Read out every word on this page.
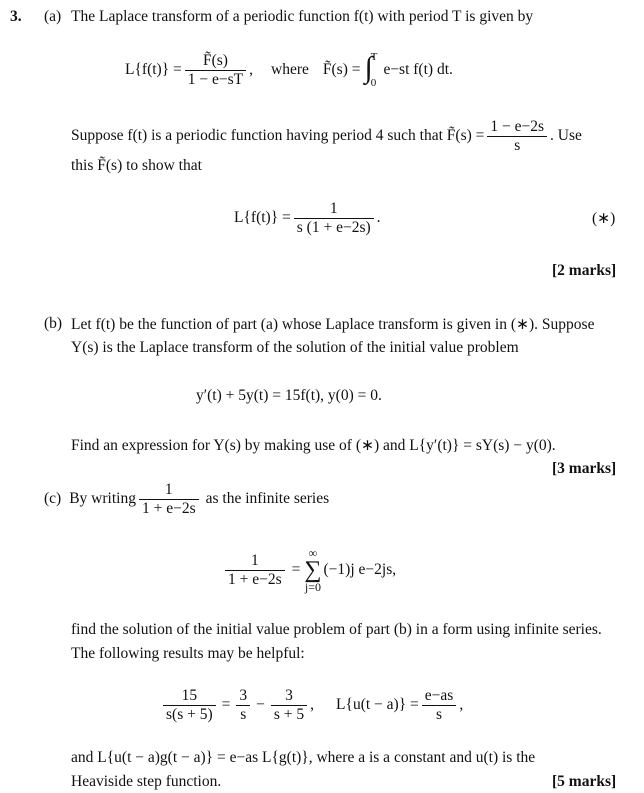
3. (a) The Laplace transform of a periodic function f(t) with period T is given by
$L\{f(t)\} = \frac{F̃(s)}{1 - e-sT}$ , where F̃(s) = ∫
T
0
e−st f(t) dt.
Suppose f(t) is a periodic function having period 4 such that F̃(s) = $\frac{1 - e-2s}{s}$ . Use
this F̃(s) to show that
$L\{f(t)\} = \frac{1}{s (1 + e-2s)}$ .	(∗)
[2 marks]
(b) Let f(t) be the function of part (a) whose Laplace transform is given in (∗). Suppose
Y(s) is the Laplace transform of the solution of the initial value problem
y′(t) + 5y(t) = 15f(t), y(0) = 0.
Find an expression for Y(s) by making use of (∗) and L{y′(t)} = sY(s) − y(0).
[3 marks]
(c) By writing $\frac{1}{1 + e-2s}$ as the infinite series
$\frac{1}{1 + e-2s}$ =
∞
∑
j=0
(−1)j e−2js,
find the solution of the initial value problem of part (b) in a form using infinite series.
The following results may be helpful:
$\frac{15}{s(s + 5)} = \frac{3}{s} - \frac{3}{s + 5}$ , $L\{u(t - a)\} = \frac{e-as}{s}$ ,
and L{u(t − a)g(t − a)} = e−as L{g(t)}, where a is a constant and u(t) is the
Heaviside step function.	[5 marks]
